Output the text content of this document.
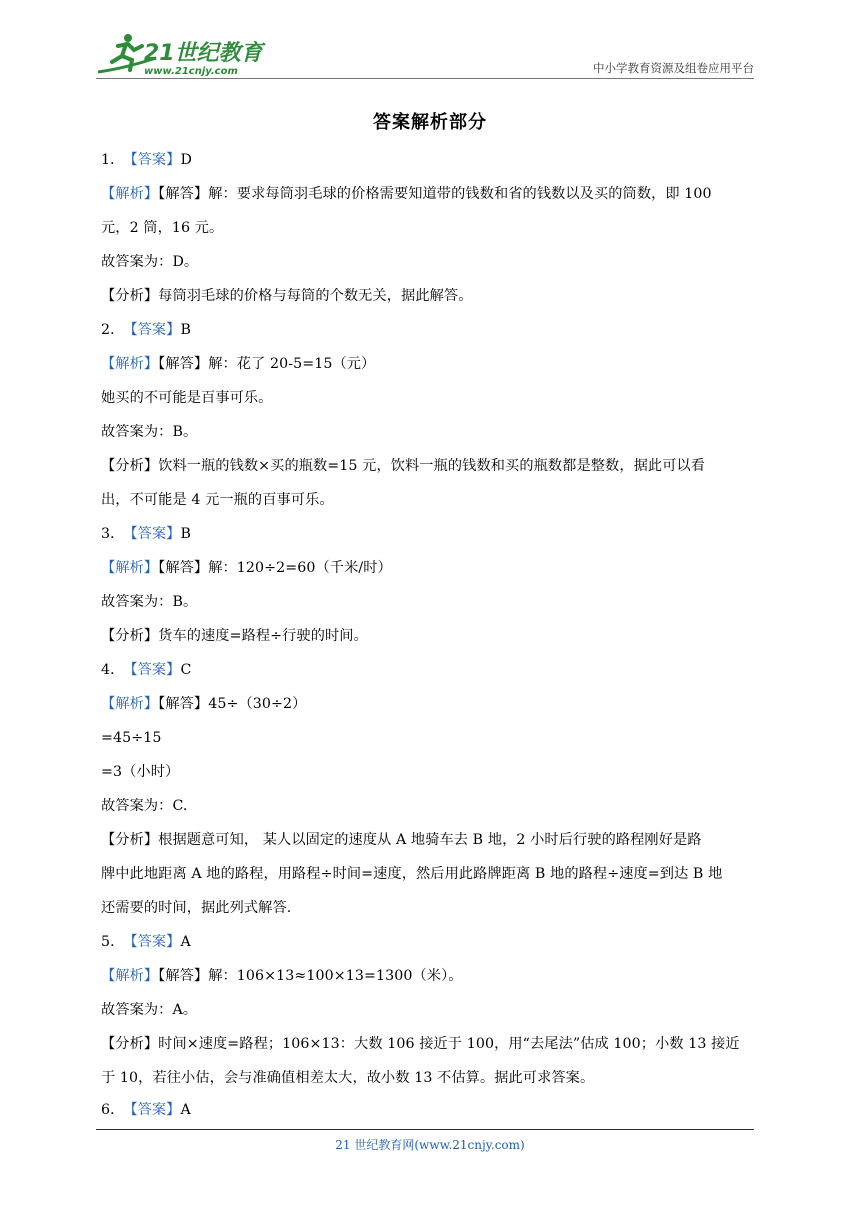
21世纪教育
www.21cnjy.com	中小学教育资源及组卷应用平台
答案解析部分
1． 【答案】D
【解析】【解答】解：要求每筒羽毛球的价格需要知道带的钱数和省的钱数以及买的筒数，即 100
元，2 筒，16 元。
故答案为：D。
【分析】每筒羽毛球的价格与每筒的个数无关，据此解答。
2． 【答案】B
【解析】【解答】解：花了 20-5=15（元）
她买的不可能是百事可乐。
故答案为：B。
【分析】饮料一瓶的钱数×买的瓶数=15 元，饮料一瓶的钱数和买的瓶数都是整数，据此可以看
出，不可能是 4 元一瓶的百事可乐。
3． 【答案】B
【解析】【解答】解：120÷2=60（千米/时）
故答案为：B。
【分析】货车的速度=路程÷行驶的时间。
4． 【答案】C
【解析】【解答】45÷（30÷2）
=45÷15
=3（小时）
故答案为：C.
【分析】根据题意可知， 某人以固定的速度从 A 地骑车去 B 地，2 小时后行驶的路程刚好是路
牌中此地距离 A 地的路程，用路程÷时间=速度，然后用此路牌距离 B 地的路程÷速度=到达 B 地
还需要的时间，据此列式解答.
5． 【答案】A
【解析】【解答】解：106×13≈100×13=1300（米）。
故答案为：A。
【分析】时间×速度=路程；106×13：大数 106 接近于 100，用“去尾法”估成 100；小数 13 接近
于 10，若往小估，会与准确值相差太大，故小数 13 不估算。据此可求答案。
6． 【答案】A
21 世纪教育网(www.21cnjy.com)
